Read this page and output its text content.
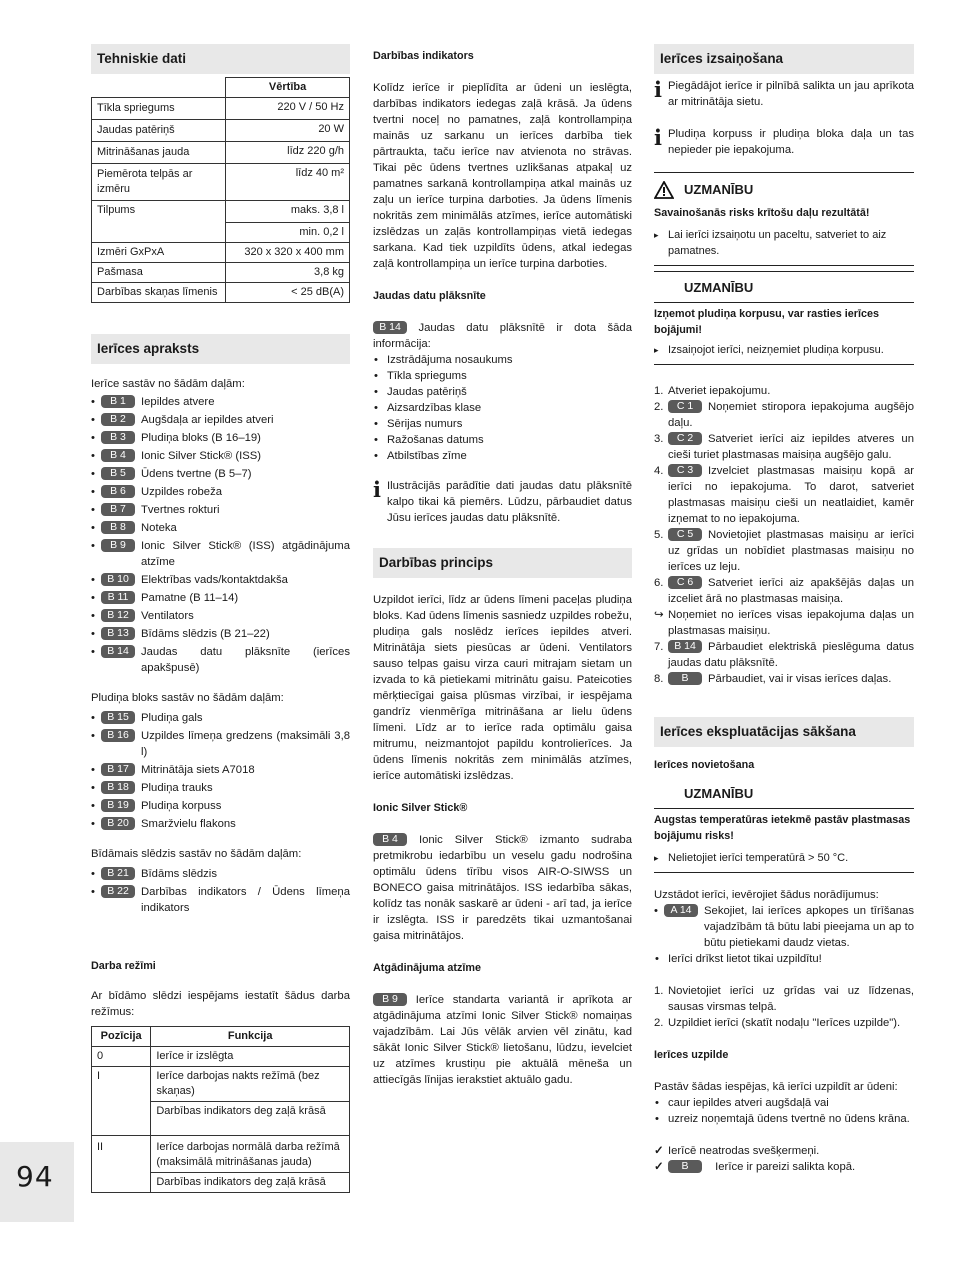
Tehniskie dati
	Vērtība
Tīkla spriegums	220 V / 50 Hz
Jaudas patēriņš	20 W
Mitrināšanas jauda	līdz 220 g/h
Piemērota telpās ar izmēru	līdz 40 m²
Tilpums	maks. 3,8 l
	min. 0,2 l
Izmēri GxPxA	320 x 320 x 400 mm
Pašmasa	3,8 kg
Darbības skaņas līmenis	< 25 dB(A)
Ierīces apraksts
Ierīce sastāv no šādām daļām:
• B 1	Iepildes atvere
• B 2	Augšdaļa ar iepildes atveri
• B 3	Pludiņa bloks (B 16–19)
• B 4	Ionic Silver Stick® (ISS)
• B 5	Ūdens tvertne (B 5–7)
• B 6	Uzpildes robeža
• B 7	Tvertnes rokturi
• B 8	Noteka
• B 9	Ionic Silver Stick® (ISS) atgādinājuma atzīme
• B 10	Elektrības vads/kontaktdakša
• B 11	Pamatne (B 11–14)
• B 12	Ventilators
• B 13	Bīdāms slēdzis (B 21–22)
• B 14	Jaudas datu plāksnīte (ierīces apakšpusē)
Pludiņa bloks sastāv no šādām daļām:
• B 15	Pludiņa gals
• B 16	Uzpildes līmeņa gredzens (maksimāli 3,8 l)
• B 17	Mitrinātāja siets A7018
• B 18	Pludiņa trauks
• B 19	Pludiņa korpuss
• B 20	Smaržvielu flakons
Bīdāmais slēdzis sastāv no šādām daļām:
• B 21	Bīdāms slēdzis
• B 22	Darbības indikators / Ūdens līmeņa indikators
Darba režīmi
Ar bīdāmo slēdzi iespējams iestatīt šādus darba režīmus:
Pozīcija	Funkcija
0	Ierīce ir izslēgta
I	Ierīce darbojas nakts režīmā (bez skaņas)
	Darbības indikators deg zaļā krāsā
II	Ierīce darbojas normālā darba režīmā (maksimālā mitrināšanas jauda)
	Darbības indikators deg zaļā krāsā
Darbības indikators
Kolīdz ierīce ir pieplīdīta ar ūdeni un ieslēgta, darbības indikators iedegas zaļā krāsā. Ja ūdens tvertni noceļ no pamatnes, zaļā kontrollampiņa mainās uz sarkanu un ierīces darbība tiek pārtraukta, taču ierīce nav atvienota no strāvas. Tikai pēc ūdens tvertnes uzlikšanas atpakaļ uz pamatnes sarkanā kontrollampiņa atkal mainās uz zaļu un ierīce turpina darboties. Ja ūdens līmenis nokritās zem minimālās atzīmes, ierīce automātiski izslēdzas un zaļās kontrollampiņas vietā iedegas sarkana. Kad tiek uzpildīts ūdens, atkal iedegas zaļā kontrollampiņa un ierīce turpina darboties.
Jaudas datu plāksnīte
B 14 Jaudas datu plāksnītē ir dota šāda informācija:
• Izstrādājuma nosaukums
• Tīkla spriegums
• Jaudas patēriņš
• Aizsardzības klase
• Sērijas numurs
• Ražošanas datums
• Atbilstības zīme
i Ilustrācijās parādītie dati jaudas datu plāksnītē kalpo tikai kā piemērs. Lūdzu, pārbaudiet datus Jūsu ierīces jaudas datu plāksnītē.
Darbības princips
Uzpildot ierīci, līdz ar ūdens līmeni paceļas pludiņa bloks. Kad ūdens līmenis sasniedz uzpildes robežu, pludiņa gals noslēdz ierīces iepildes atveri. Mitrinātāja siets piesūcas ar ūdeni. Ventilators sauso telpas gaisu virza cauri mitrajam sietam un izvada to kā pietiekami mitrinātu gaisu. Pateicoties mērķtiecīgai gaisa plūsmas virzībai, ir iespējama gandrīz vienmērīga mitrināšana ar lielu ūdens līmeni. Līdz ar to ierīce rada optimālu gaisa mitrumu, neizmantojot papildu kontrolierīces. Ja ūdens līmenis nokritās zem minimālās atzīmes, ierīce automātiski izslēdzas.
Ionic Silver Stick®
B 4 Ionic Silver Stick® izmanto sudraba pretmikrobu iedarbību un veselu gadu nodrošina optimālu ūdens tīrību visos AIR-O-SIWSS un BONECO gaisa mitrinātājos. ISS iedarbība sākas, kolīdz tas nonāk saskarē ar ūdeni - arī tad, ja ierīce ir izslēgta. ISS ir paredzēts tikai uzmantošanai gaisa mitrinātājos.
Atgādinājuma atzīme
B 9 Ierīce standarta variantā ir aprīkota ar atgādinājuma atzīmi Ionic Silver Stick® nomaiņas vajadzībām. Lai Jūs vēlāk arvien vēl zinātu, kad sākāt Ionic Silver Stick® lietošanu, lūdzu, ievelciet uz atzīmes krustiņu pie aktuālā mēneša un attiecīgās līnijas ierakstiet aktuālo gadu.
Ierīces izsaiņošana
i Piegādājot ierīce ir pilnībā salikta un jau aprīkota ar mitrinātāja sietu.
i Pludiņa korpuss ir pludiņa bloka daļa un tas nepieder pie iepakojuma.
UZMANĪBU
Savainošanās risks krītošu daļu rezultātā!
▸ Lai ierīci izsaiņotu un paceltu, satveriet to aiz pamatnes.
UZMANĪBU
Izņemot pludiņa korpusu, var rasties ierīces bojājumi!
▸ Izsaiņojot ierīci, neizņemiet pludiņa korpusu.
1. Atveriet iepakojumu.
2. C 1 Noņemiet stiropora iepakojuma augšējo daļu.
3. C 2 Satveriet ierīci aiz iepildes atveres un cieši turiet plastmasas maisiņa augšējo galu.
4. C 3 Izvelciet plastmasas maisiņu kopā ar ierīci no iepakojuma. To darot, satveriet plastmasas maisiņu cieši un neatlaidiet, kamēr izņemat to no iepakojuma.
5. C 5 Novietojiet plastmasas maisiņu ar ierīci uz grīdas un nobīdiet plastmasas maisiņu no ierīces uz leju.
6. C 6 Satveriet ierīci aiz apakšējās daļas un izceliet ārā no plastmasas maisiņa.
↪ Noņemiet no ierīces visas iepakojuma daļas un plastmasas maisiņu.
7. B 14 Pārbaudiet elektriskā pieslēguma datus jaudas datu plāksnītē.
8. B Pārbaudiet, vai ir visas ierīces daļas.
Ierīces ekspluatācijas sākšana
Ierīces novietošana
UZMANĪBU
Augstas temperatūras ietekmē pastāv plastmasas bojājumu risks!
▸ Nelietojiet ierīci temperatūrā > 50 °C.
Uzstādot ierīci, ievērojiet šādus norādījumus:
• A 14	Sekojiet, lai ierīces apkopes un tīrīšanas vajadzībām tā būtu labi pieejama un ap to būtu pietiekami daudz vietas.
• Ierīci drīkst lietot tikai uzpildītu!
1. Novietojiet ierīci uz grīdas vai uz līdzenas, sausas virsmas telpā.
2. Uzpildiet ierīci (skatīt nodaļu "Ierīces uzpilde").
Ierīces uzpilde
Pastāv šādas iespējas, kā ierīci uzpildīt ar ūdeni:
• caur iepildes atveri augšdaļā vai
• uzreiz noņemtajā ūdens tvertnē no ūdens krāna.
✓ Ierīcē neatrodas svešķermeņi.
✓ B Ierīce ir pareizi salikta kopā.
94
